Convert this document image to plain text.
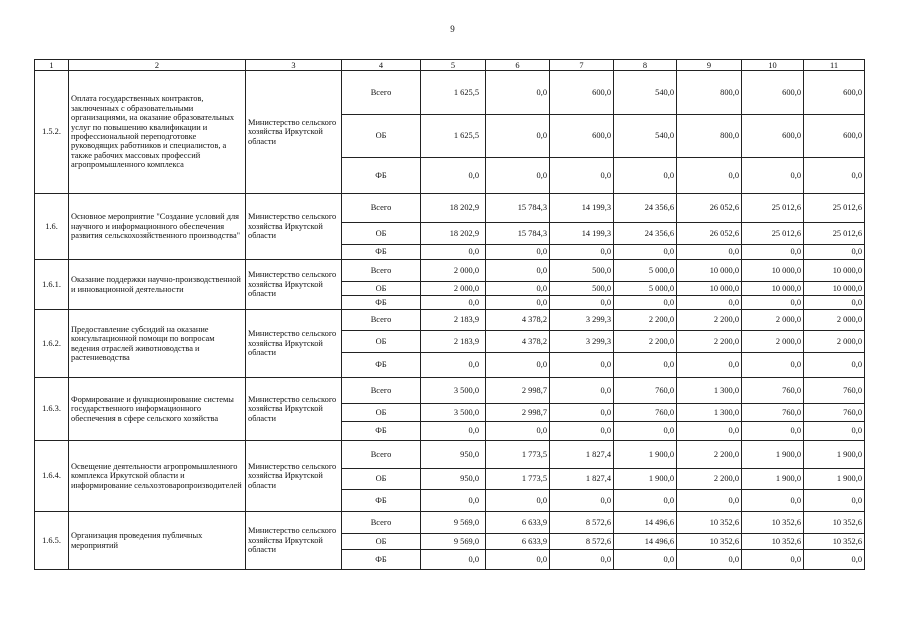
9
1	2	3	4	5	6	7	8	9	10	11
1.5.2.	Оплата государственных контрактов, заключенных с образовательными организациями, на оказание образовательных услуг по повышению квалификации и профессиональной переподготовке руководящих работников и специалистов, а также рабочих массовых профессий агропромышленного комплекса	Министерство сельского хозяйства Иркутской области	Всего	1 625,5	0,0	600,0	540,0	800,0	600,0	600,0
			ОБ	1 625,5	0,0	600,0	540,0	800,0	600,0	600,0
			ФБ	0,0	0,0	0,0	0,0	0,0	0,0	0,0
1.6.	Основное мероприятие "Создание условий для научного и информационного обеспечения развития сельскохозяйственного производства"	Министерство сельского хозяйства Иркутской области	Всего	18 202,9	15 784,3	14 199,3	24 356,6	26 052,6	25 012,6	25 012,6
			ОБ	18 202,9	15 784,3	14 199,3	24 356,6	26 052,6	25 012,6	25 012,6
			ФБ	0,0	0,0	0,0	0,0	0,0	0,0	0,0
1.6.1.	Оказание поддержки научно-производственной и инновационной деятельности	Министерство сельского хозяйства Иркутской области	Всего	2 000,0	0,0	500,0	5 000,0	10 000,0	10 000,0	10 000,0
			ОБ	2 000,0	0,0	500,0	5 000,0	10 000,0	10 000,0	10 000,0
			ФБ	0,0	0,0	0,0	0,0	0,0	0,0	0,0
1.6.2.	Предоставление субсидий на оказание консультационной помощи по вопросам ведения отраслей животноводства и растениеводства	Министерство сельского хозяйства Иркутской области	Всего	2 183,9	4 378,2	3 299,3	2 200,0	2 200,0	2 000,0	2 000,0
			ОБ	2 183,9	4 378,2	3 299,3	2 200,0	2 200,0	2 000,0	2 000,0
			ФБ	0,0	0,0	0,0	0,0	0,0	0,0	0,0
1.6.3.	Формирование и функционирование системы государственного информационного обеспечения в сфере сельского хозяйства	Министерство сельского хозяйства Иркутской области	Всего	3 500,0	2 998,7	0,0	760,0	1 300,0	760,0	760,0
			ОБ	3 500,0	2 998,7	0,0	760,0	1 300,0	760,0	760,0
			ФБ	0,0	0,0	0,0	0,0	0,0	0,0	0,0
1.6.4.	Освещение деятельности агропромышленного комплекса Иркутской области и информирование сельхозтоваропроизводителей	Министерство сельского хозяйства Иркутской области	Всего	950,0	1 773,5	1 827,4	1 900,0	2 200,0	1 900,0	1 900,0
			ОБ	950,0	1 773,5	1 827,4	1 900,0	2 200,0	1 900,0	1 900,0
			ФБ	0,0	0,0	0,0	0,0	0,0	0,0	0,0
1.6.5.	Организация проведения публичных мероприятий	Министерство сельского хозяйства Иркутской области	Всего	9 569,0	6 633,9	8 572,6	14 496,6	10 352,6	10 352,6	10 352,6
			ОБ	9 569,0	6 633,9	8 572,6	14 496,6	10 352,6	10 352,6	10 352,6
			ФБ	0,0	0,0	0,0	0,0	0,0	0,0	0,0
